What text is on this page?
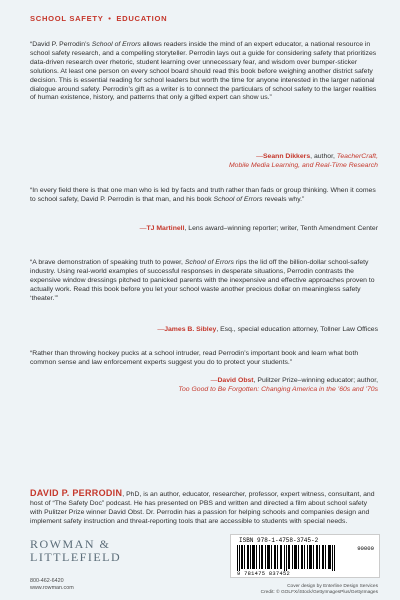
SCHOOL SAFETY • EDUCATION

“David P. Perrodin’s School of Errors allows readers inside the mind of an expert educator, a national resource in school safety research, and a compelling storyteller. Perrodin lays out a guide for considering safety that prioritizes data-driven research over rhetoric, student learning over unnecessary fear, and wisdom over bumper-sticker solutions. At least one person on every school board should read this book before weighing another district safety decision. This is essential reading for school leaders but worth the time for anyone interested in the larger national dialogue around safety. Perrodin’s gift as a writer is to connect the particulars of school safety to the larger realities of human existence, history, and patterns that only a gifted expert can show us.”

—Seann Dikkers, author, TeacherCraft,
Mobile Media Learning, and Real-Time Research

“In every field there is that one man who is led by facts and truth rather than fads or group thinking. When it comes to school safety, David P. Perrodin is that man, and his book School of Errors reveals why.”

—TJ Martinell, Lens award–winning reporter; writer, Tenth Amendment Center

“A brave demonstration of speaking truth to power, School of Errors rips the lid off the billion-dollar school-safety industry. Using real-world examples of successful responses in desperate situations, Perrodin contrasts the expensive window dressings pitched to panicked parents with the inexpensive and effective approaches proven to actually work. Read this book before you let your school waste another precious dollar on meaningless safety ‘theater.’”

—James B. Sibley, Esq., special education attorney, Tollner Law Offices

“Rather than throwing hockey pucks at a school intruder, read Perrodin’s important book and learn what both common sense and law enforcement experts suggest you do to protect your students.”

—David Obst, Pulitzer Prize–winning educator; author,
Too Good to Be Forgotten: Changing America in the ’60s and ’70s
DAVID P. PERRODIN, PhD, is an author, educator, researcher, professor, expert witness, consultant, and host of “The Safety Doc” podcast. He has presented on PBS and written and directed a film about school safety with Pulitzer Prize winner David Obst. Dr. Perrodin has a passion for helping schools and companies design and implement safety instruction and threat-reporting tools that are accessible to students with special needs.
ROWMAN &
LITTLEFIELD
800-462-6420
www.rowman.com
ISBN 978-1-4758-3745-2
90000
9 781475 837452
Cover design by Enterline Design Services
Credit: © GOLFX/iStock/GettyImagesPlus/GettyImages
